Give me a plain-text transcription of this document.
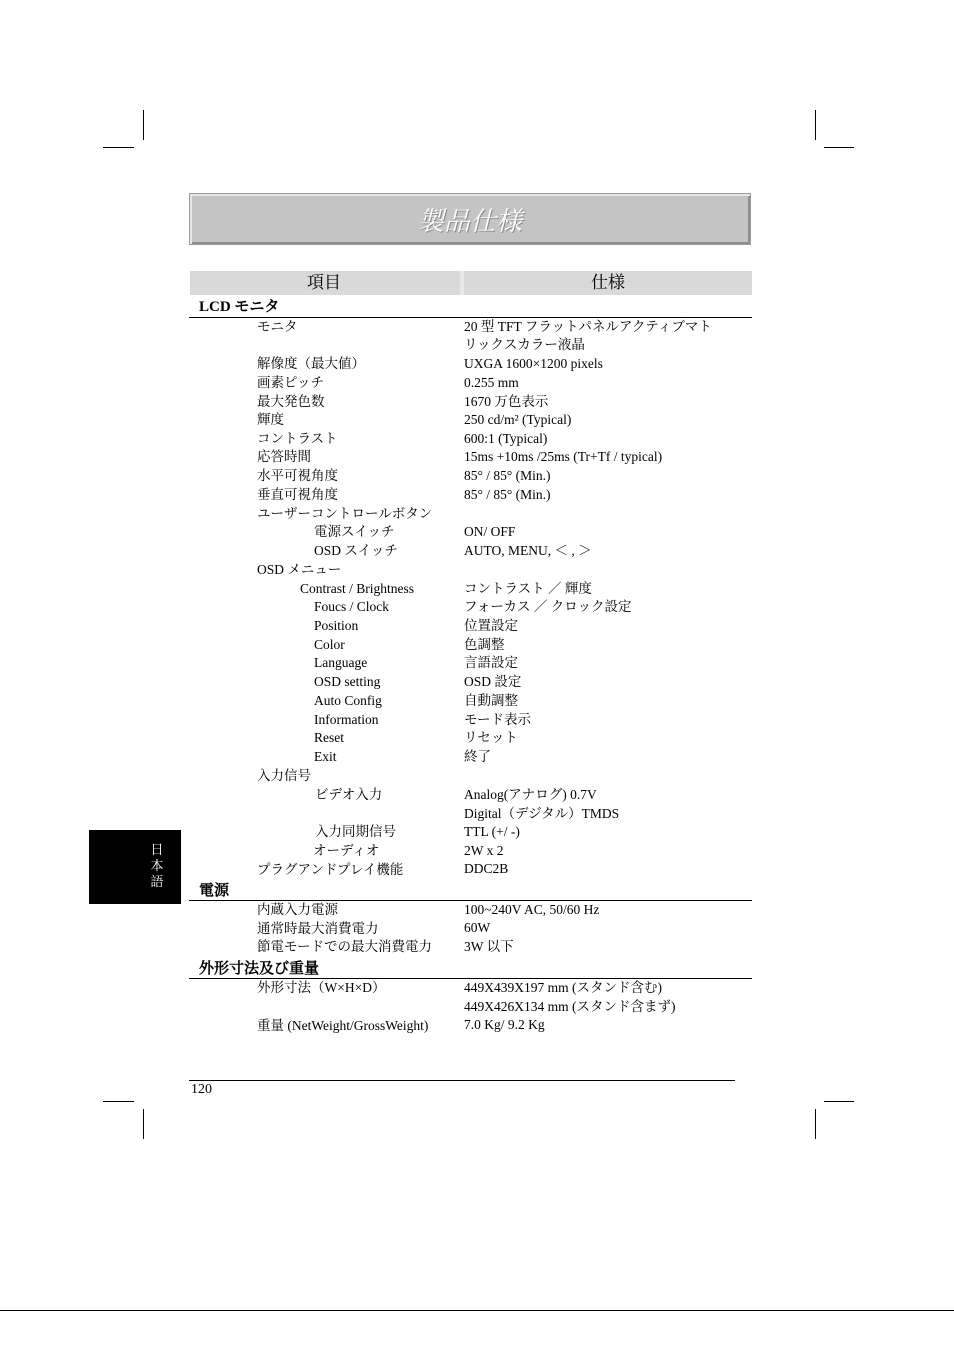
製品仕様
項目	仕様
LCD モニタ
モニタ	20 型 TFT フラットパネルアクティブマト
リックスカラー液晶
解像度（最大値）	UXGA 1600×1200 pixels
画素ピッチ	0.255 mm
最大発色数	1670 万色表示
輝度	250 cd/m² (Typical)
コントラスト	600:1 (Typical)
応答時間	15ms +10ms /25ms (Tr+Tf / typical)
水平可視角度	85° / 85° (Min.)
垂直可視角度	85° / 85° (Min.)
ユーザーコントロールボタン
電源スイッチ	ON/ OFF
OSD スイッチ	AUTO, MENU, ＜ , ＞
OSD メニュー
Contrast / Brightness	コントラスト ／ 輝度
Foucs / Clock	フォーカス ／ クロック設定
Position	位置設定
Color	色調整
Language	言語設定
OSD setting	OSD 設定
Auto Config	自動調整
Information	モード表示
Reset	リセット
Exit	終了
入力信号
ビデオ入力	Analog(アナログ) 0.7V
Digital（デジタル）TMDS
入力同期信号	TTL (+/ -)
オーディオ	2W x 2
プラグアンドプレイ機能	DDC2B
電源
内蔵入力電源	100~240V AC, 50/60 Hz
通常時最大消費電力	60W
節電モードでの最大消費電力 3W 以下
外形寸法及び重量
外形寸法（W×H×D）	449X439X197 mm (スタンド含む)
449X426X134 mm (スタンド含まず)
重量 (NetWeight/GrossWeight)	7.0 Kg/ 9.2 Kg
日本語
120
